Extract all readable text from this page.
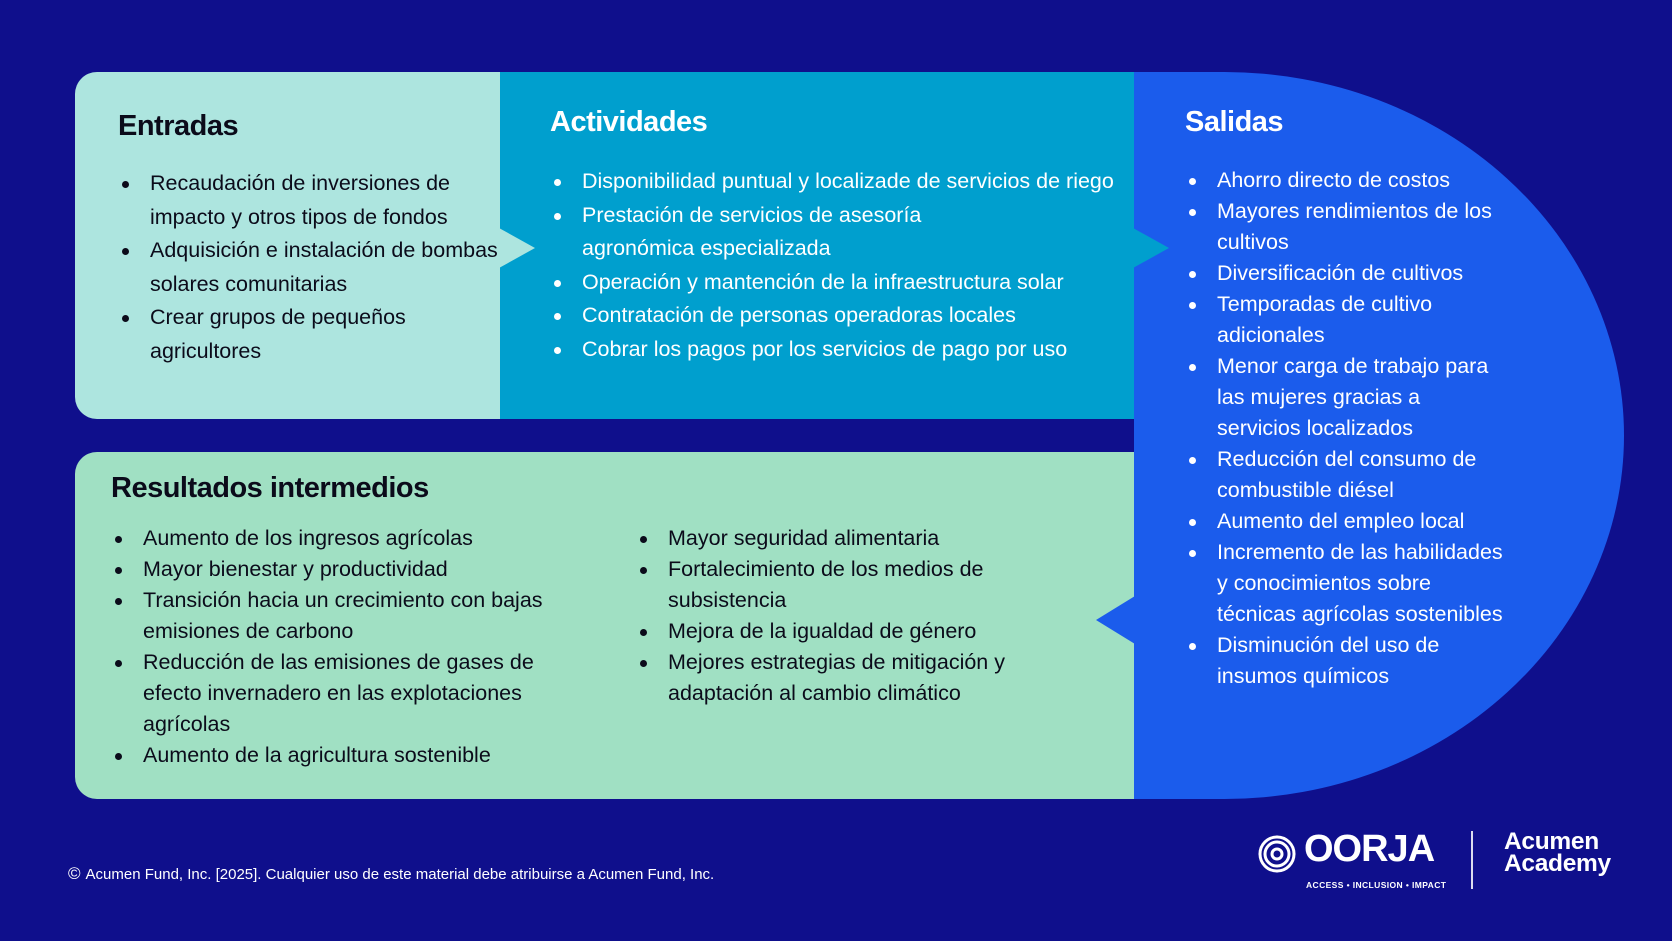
Entradas
Recaudación de inversiones de impacto y otros tipos de fondos
Adquisición e instalación de bombas solares comunitarias
Crear grupos de pequeños agricultores
Actividades
Disponibilidad puntual y localizade de servicios de riego
Prestación de servicios de asesoría agronómica especializada
Operación y mantención de la infraestructura solar
Contratación de personas operadoras locales
Cobrar los pagos por los servicios de pago por uso
Salidas
Ahorro directo de costos
Mayores rendimientos de los cultivos
Diversificación de cultivos
Temporadas de cultivo adicionales
Menor carga de trabajo para las mujeres gracias a servicios localizados
Reducción del consumo de combustible diésel
Aumento del empleo local
Incremento de las habilidades y conocimientos sobre técnicas agrícolas sostenibles
Disminución del uso de insumos químicos
Resultados intermedios
Aumento de los ingresos agrícolas
Mayor bienestar y productividad
Transición hacia un crecimiento con bajas emisiones de carbono
Reducción de las emisiones de gases de efecto invernadero en las explotaciones agrícolas
Aumento de la agricultura sostenible
Mayor seguridad alimentaria
Fortalecimiento de los medios de subsistencia
Mejora de la igualdad de género
Mejores estrategias de mitigación y adaptación al cambio climático
© Acumen Fund, Inc. [2025]. Cualquier uso de este material debe atribuirse a Acumen Fund, Inc.
OORJA
ACCESS • INCLUSION • IMPACT
Acumen
Academy
